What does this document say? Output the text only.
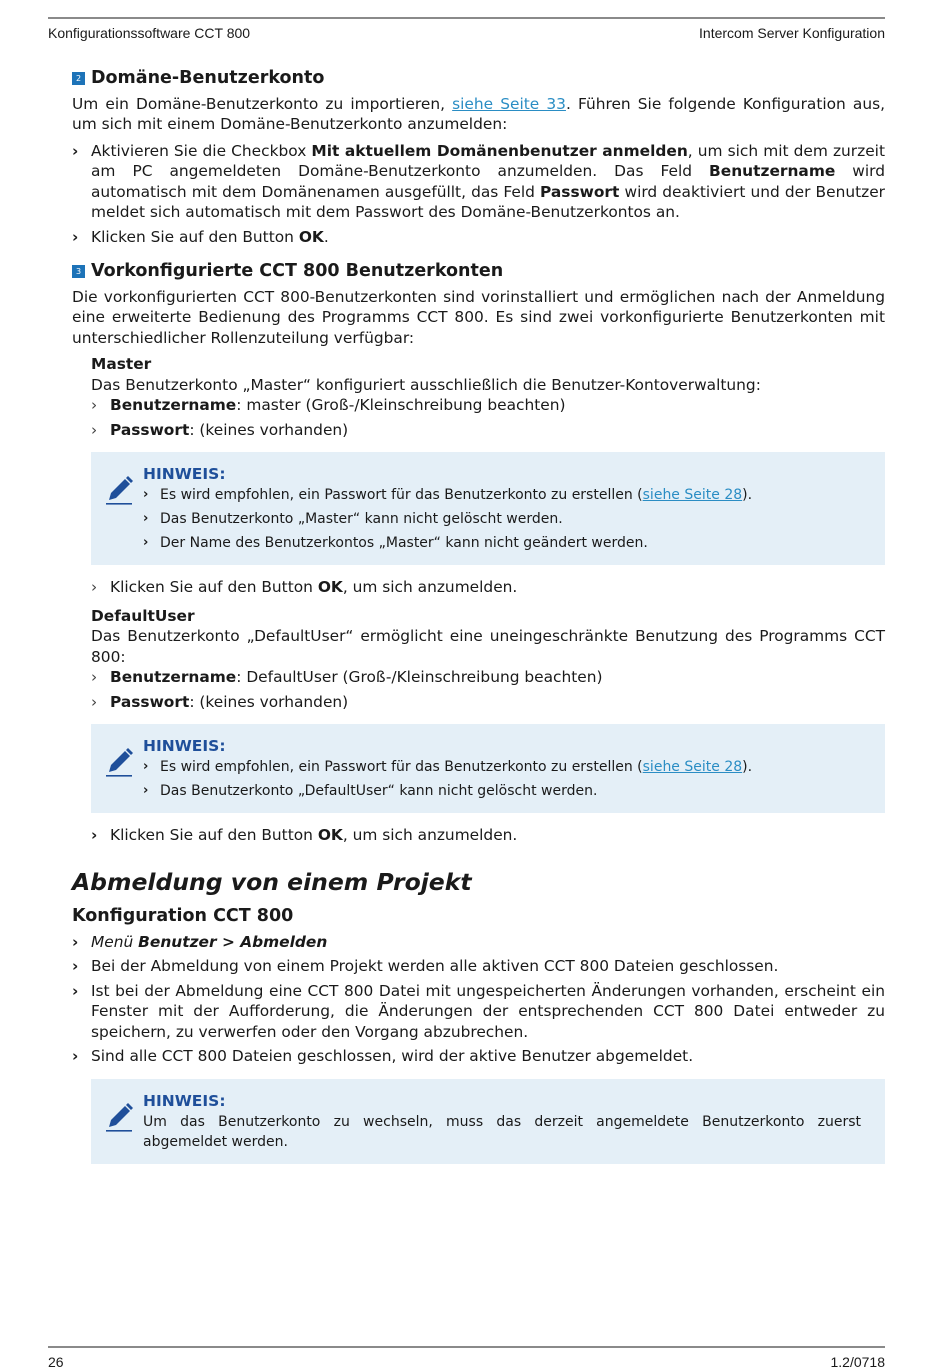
Konfigurationssoftware CCT 800	Intercom Server Konfiguration
2 Domäne-Benutzerkonto

Um ein Domäne-Benutzerkonto zu importieren, siehe Seite 33. Führen Sie folgende Konfiguration aus, um sich mit einem Domäne-Benutzerkonto anzumelden:

› Aktivieren Sie die Checkbox Mit aktuellem Domänenbenutzer anmelden, um sich mit dem zurzeit am PC angemeldeten Domäne-Benutzerkonto anzumelden. Das Feld Benutzername wird automatisch mit dem Domänenamen ausgefüllt, das Feld Passwort wird deaktiviert und der Benutzer meldet sich automatisch mit dem Passwort des Domäne-Benutzerkontos an.
› Klicken Sie auf den Button OK.
3 Vorkonfigurierte CCT 800 Benutzerkonten

Die vorkonfigurierten CCT 800-Benutzerkonten sind vorinstalliert und ermöglichen nach der Anmeldung eine erweiterte Bedienung des Programms CCT 800. Es sind zwei vorkonfigurierte Benutzerkonten mit unterschiedlicher Rollenzuteilung verfügbar:

Master

Das Benutzerkonto „Master“ konfiguriert ausschließlich die Benutzer-Kontoverwaltung:

› Benutzername: master (Groß-/Kleinschreibung beachten)
› Passwort: (keines vorhanden)
HINWEIS:
› Es wird empfohlen, ein Passwort für das Benutzerkonto zu erstellen (siehe Seite 28).
› Das Benutzerkonto „Master“ kann nicht gelöscht werden.
› Der Name des Benutzerkontos „Master“ kann nicht geändert werden.
› Klicken Sie auf den Button OK, um sich anzumelden.
DefaultUser

Das Benutzerkonto „DefaultUser“ ermöglicht eine uneingeschränkte Benutzung des Programms CCT 800:

› Benutzername: DefaultUser (Groß-/Kleinschreibung beachten)
› Passwort: (keines vorhanden)
HINWEIS:
› Es wird empfohlen, ein Passwort für das Benutzerkonto zu erstellen (siehe Seite 28).
› Das Benutzerkonto „DefaultUser“ kann nicht gelöscht werden.
› Klicken Sie auf den Button OK, um sich anzumelden.
Abmeldung von einem Projekt
Konfiguration CCT 800
› Menü Benutzer > Abmelden
› Bei der Abmeldung von einem Projekt werden alle aktiven CCT 800 Dateien geschlossen.
› Ist bei der Abmeldung eine CCT 800 Datei mit ungespeicherten Änderungen vorhanden, erscheint ein Fenster mit der Aufforderung, die Änderungen der entsprechenden CCT 800 Datei entweder zu speichern, zu verwerfen oder den Vorgang abzubrechen.
› Sind alle CCT 800 Dateien geschlossen, wird der aktive Benutzer abgemeldet.
HINWEIS:

Um das Benutzerkonto zu wechseln, muss das derzeit angemeldete Benutzerkonto zuerst abgemeldet werden.

26	1.2/0718
